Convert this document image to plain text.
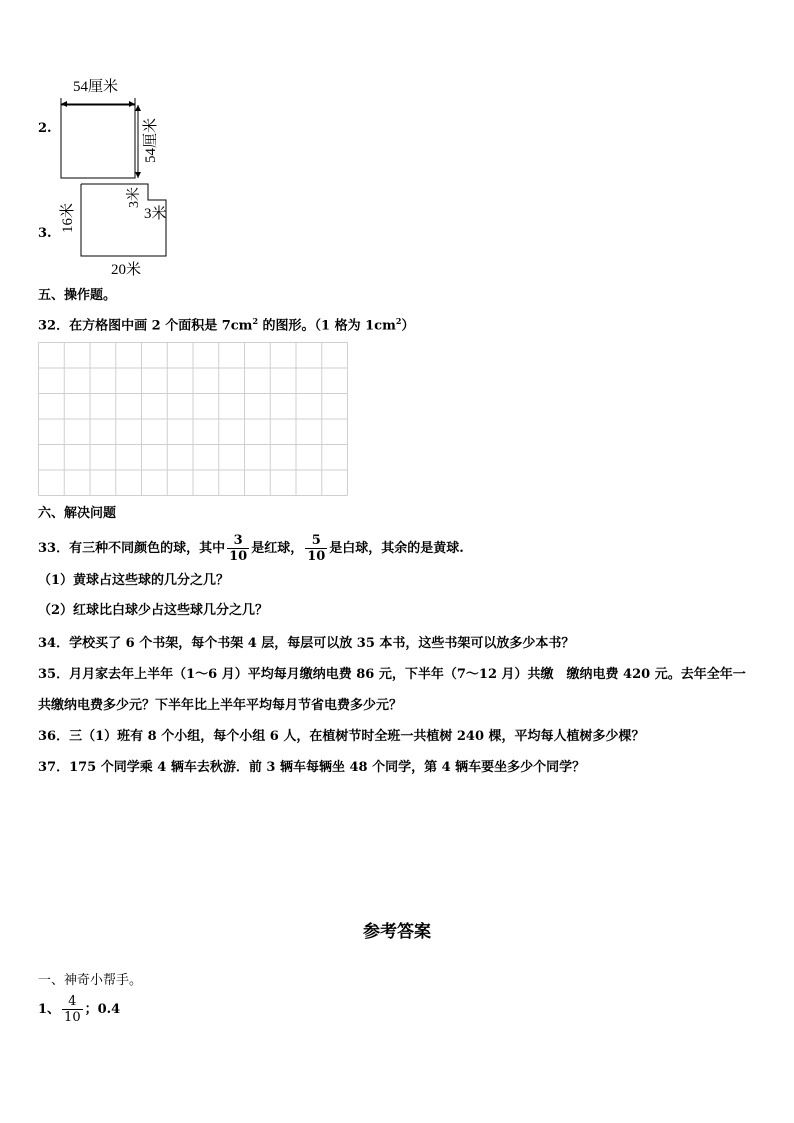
2.
54厘米
54厘米
3.
16米
3米
3米
20米
五、操作题。
32．在方格图中画 2 个面积是 $7cm^2$ 的图形。（1 格为 $1cm^2$）
六、解决问题
33．有三种不同颜色的球，其中 $\frac{3}{10}$ 是红球， $\frac{5}{10}$ 是白球，其余的是黄球.
（1）黄球占这些球的几分之几？
（2）红球比白球少占这些球几分之几？
34．学校买了 6 个书架，每个书架 4 层，每层可以放 35 本书，这些书架可以放多少本书？
35．月月家去年上半年（1～6 月）平均每月缴纳电费 86 元，下半年（7～12 月）共缴　缴纳电费 420 元。去年全年一
共缴纳电费多少元？下半年比上半年平均每月节省电费多少元？
36．三（1）班有 8 个小组，每个小组 6 人，在植树节时全班一共植树 240 棵，平均每人植树多少棵？
37．175 个同学乘 4 辆车去秋游．前 3 辆车每辆坐 48 个同学，第 4 辆车要坐多少个同学？
参考答案
一、神奇小帮手。
1、 $\frac{4}{10}$ ；0.4
